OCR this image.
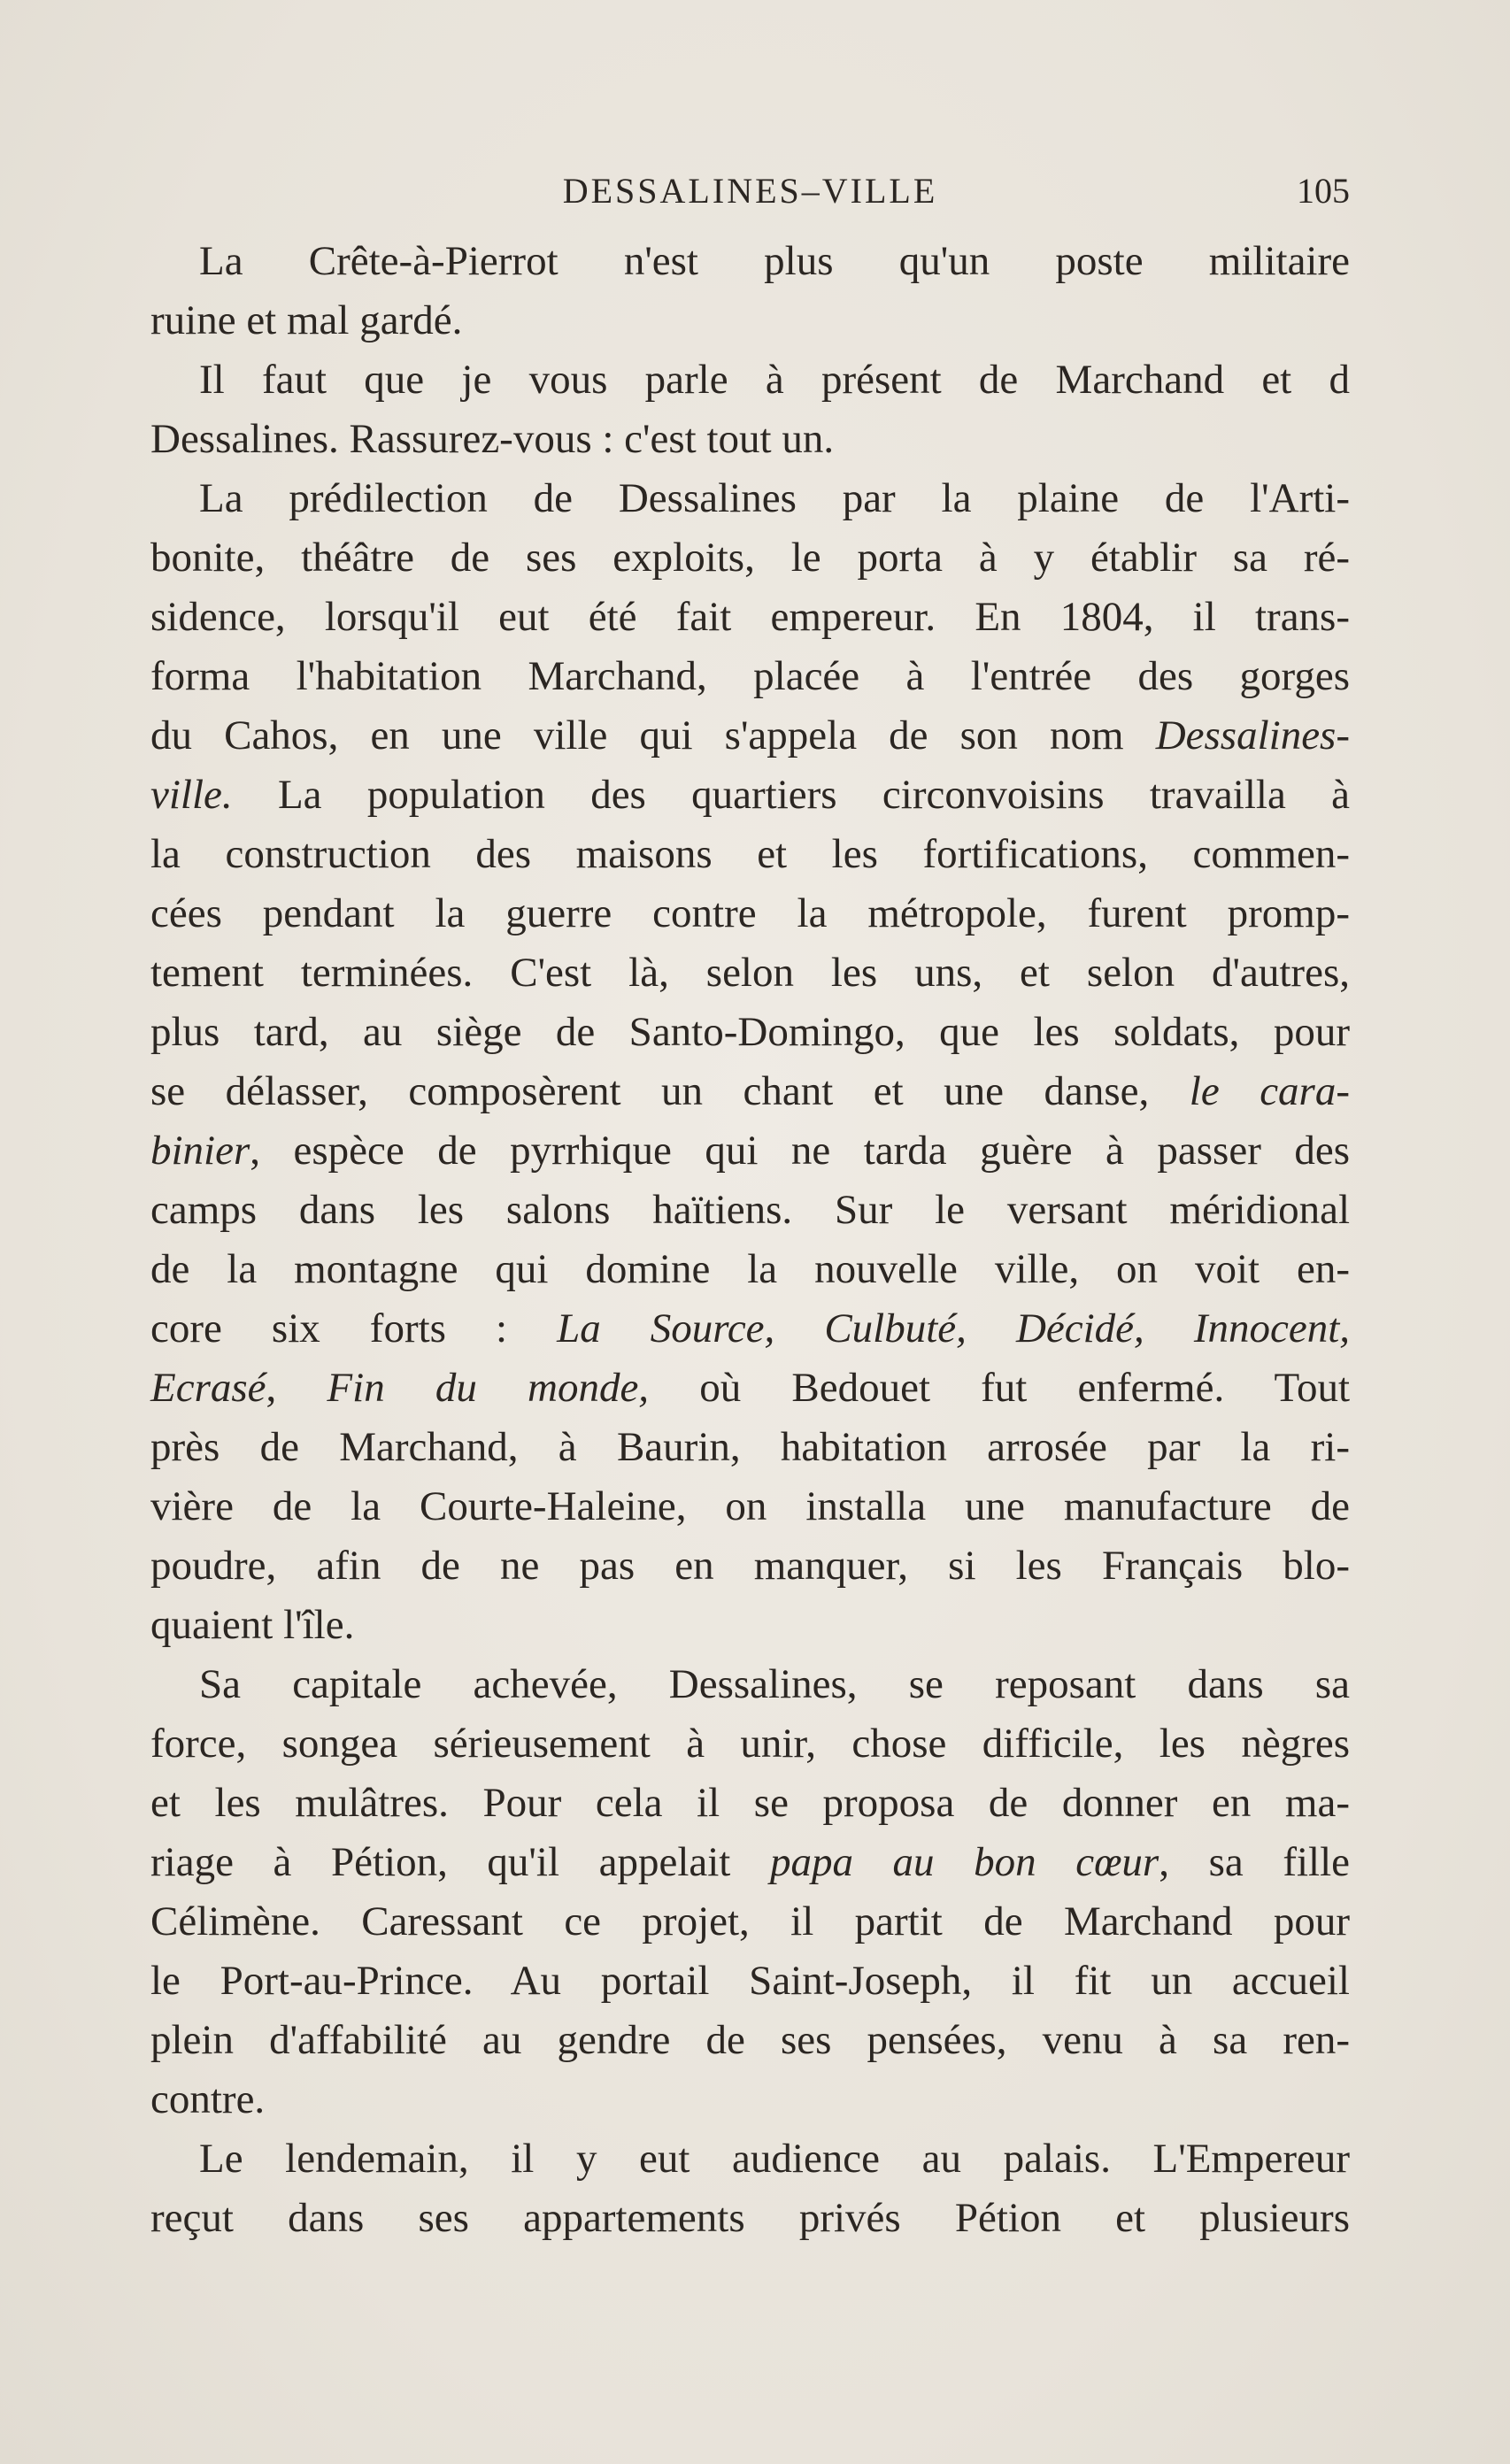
DESSALINES–VILLE	105
La Crête-à-Pierrot n'est plus qu'un poste militaire
ruine et mal gardé.
Il faut que je vous parle à présent de Marchand et d
Dessalines. Rassurez-vous : c'est tout un.
La prédilection de Dessalines par la plaine de l'Arti-
bonite, théâtre de ses exploits, le porta à y établir sa ré-
sidence, lorsqu'il eut été fait empereur. En 1804, il trans-
forma l'habitation Marchand, placée à l'entrée des gorges
du Cahos, en une ville qui s'appela de son nom Dessalines-
ville. La population des quartiers circonvoisins travailla à
la construction des maisons et les fortifications, commen-
cées pendant la guerre contre la métropole, furent promp-
tement terminées. C'est là, selon les uns, et selon d'autres,
plus tard, au siège de Santo-Domingo, que les soldats, pour
se délasser, composèrent un chant et une danse, le cara-
binier, espèce de pyrrhique qui ne tarda guère à passer des
camps dans les salons haïtiens. Sur le versant méridional
de la montagne qui domine la nouvelle ville, on voit en-
core six forts : La Source, Culbuté, Décidé, Innocent,
Ecrasé, Fin du monde, où Bedouet fut enfermé. Tout
près de Marchand, à Baurin, habitation arrosée par la ri-
vière de la Courte-Haleine, on installa une manufacture de
poudre, afin de ne pas en manquer, si les Français blo-
quaient l'île.
Sa capitale achevée, Dessalines, se reposant dans sa
force, songea sérieusement à unir, chose difficile, les nègres
et les mulâtres. Pour cela il se proposa de donner en ma-
riage à Pétion, qu'il appelait papa au bon cœur, sa fille
Célimène. Caressant ce projet, il partit de Marchand pour
le Port-au-Prince. Au portail Saint-Joseph, il fit un accueil
plein d'affabilité au gendre de ses pensées, venu à sa ren-
contre.
Le lendemain, il y eut audience au palais. L'Empereur
reçut dans ses appartements privés Pétion et plusieurs
